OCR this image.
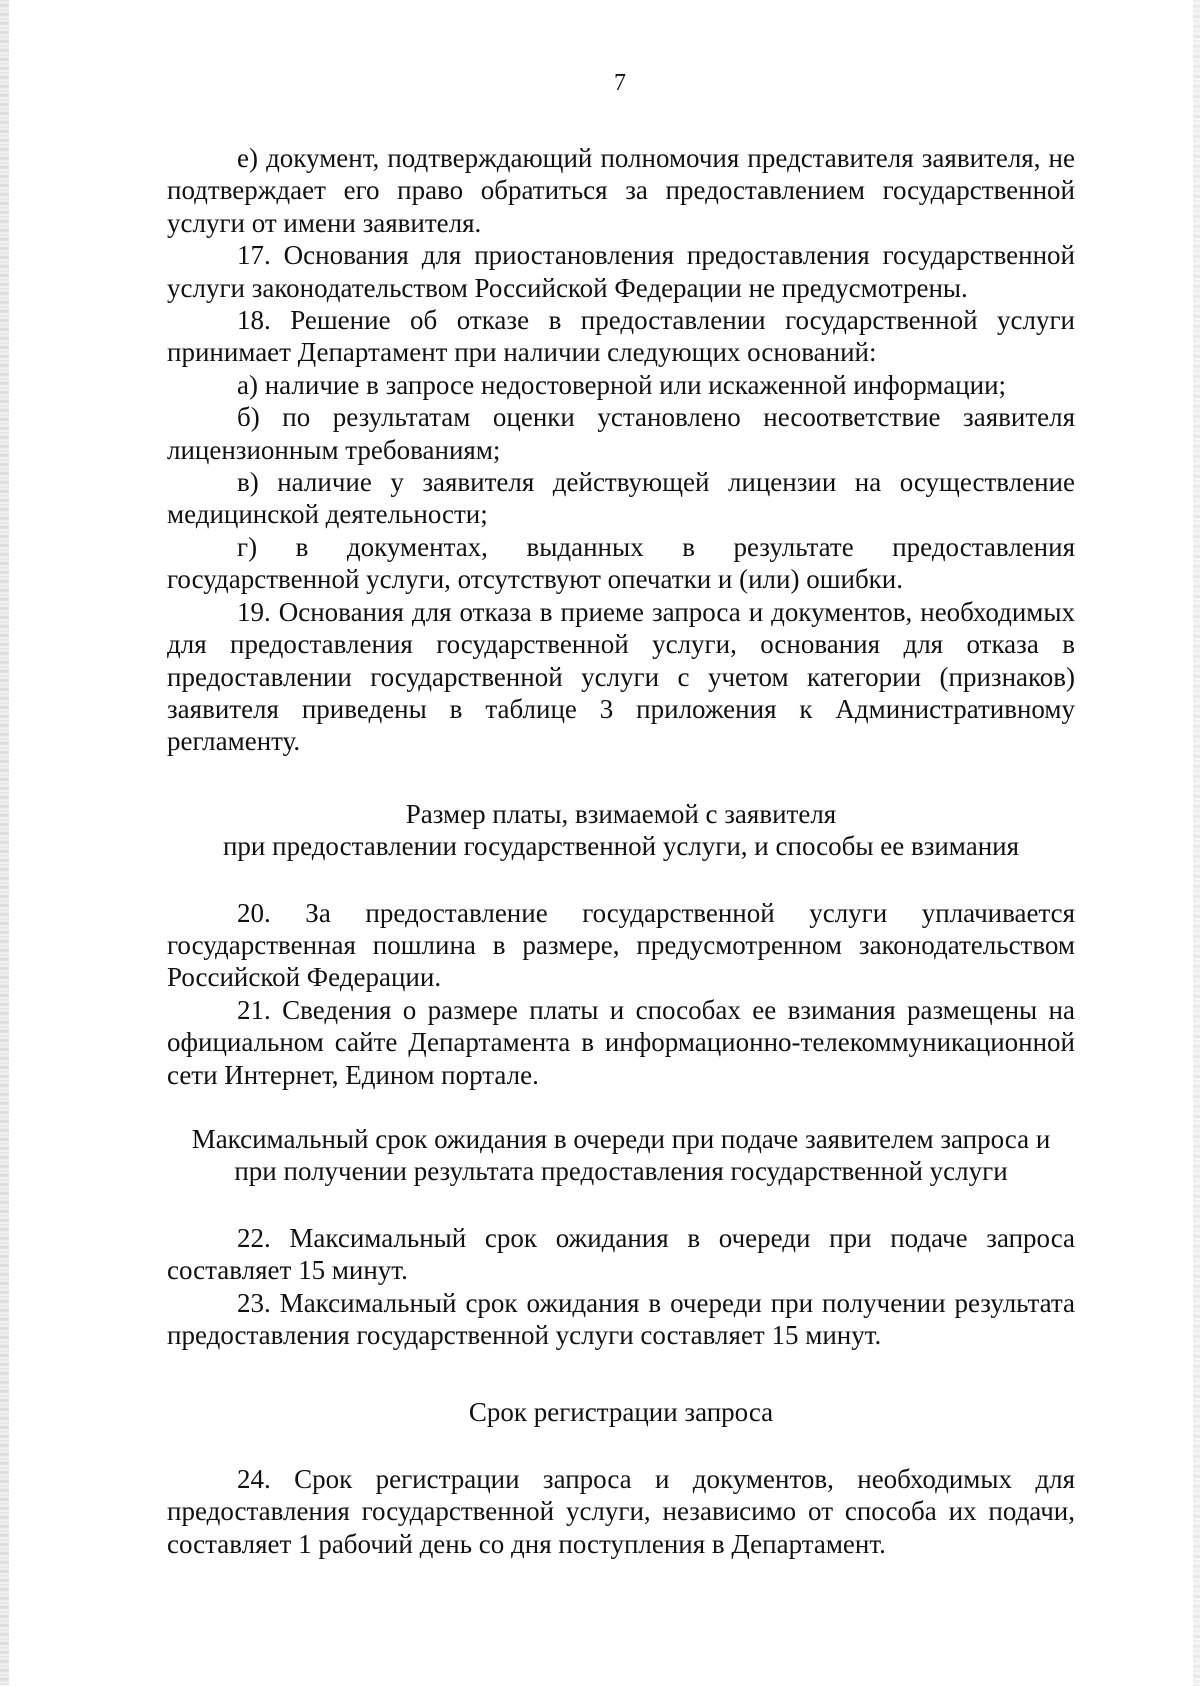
7

е) документ, подтверждающий полномочия представителя заявителя, не подтверждает его право обратиться за предоставлением государственной услуги от имени заявителя.

17. Основания для приостановления предоставления государственной услуги законодательством Российской Федерации не предусмотрены.

18. Решение об отказе в предоставлении государственной услуги принимает Департамент при наличии следующих оснований:

а) наличие в запросе недостоверной или искаженной информации;

б) по результатам оценки установлено несоответствие заявителя лицензионным требованиям;

в) наличие у заявителя действующей лицензии на осуществление медицинской деятельности;

г) в документах, выданных в результате предоставления государственной услуги, отсутствуют опечатки и (или) ошибки.

19. Основания для отказа в приеме запроса и документов, необходимых для предоставления государственной услуги, основания для отказа в предоставлении государственной услуги с учетом категории (признаков) заявителя приведены в таблице 3 приложения к Административному регламенту.

Размер платы, взимаемой с заявителя
при предоставлении государственной услуги, и способы ее взимания

20. За предоставление государственной услуги уплачивается государственная пошлина в размере, предусмотренном законодательством Российской Федерации.

21. Сведения о размере платы и способах ее взимания размещены на официальном сайте Департамента в информационно-телекоммуникационной сети Интернет, Едином портале.

Максимальный срок ожидания в очереди при подаче заявителем запроса и
при получении результата предоставления государственной услуги

22. Максимальный срок ожидания в очереди при подаче запроса составляет 15 минут.

23. Максимальный срок ожидания в очереди при получении результата предоставления государственной услуги составляет 15 минут.

Срок регистрации запроса

24. Срок регистрации запроса и документов, необходимых для предоставления государственной услуги, независимо от способа их подачи, составляет 1 рабочий день со дня поступления в Департамент.
